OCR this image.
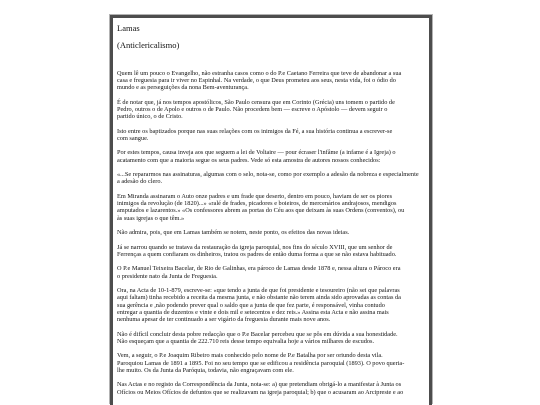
Lamas
(Anticlericalismo)

Quem lê um pouco o Evangelho, não estranha casos como o do P.e Caetano Ferreira que teve de abandonar a sua
casa e freguesia para ir viver no Espinhal. Na verdade, o que Deus prometeu aos seus, nesta vida, foi o ódio do
mundo e as perseguições da nona Bem-aventurança.

É de notar que, já nos tempos apostólicos, São Paulo censura que em Corinto (Grécia) uns tomem o partido de
Pedro, outros o de Apolo e outros o de Paulo. Não procedem bem — escreve o Apóstolo — devem seguir o
partido único, o de Cristo.

Isto entre os baptizados porque nas suas relações com os inimigos da Fé, a sua história continua a escrever-se
com sangue.

Por estes tempos, causa inveja aos que seguem a lei de Voltaire — pour écraser l'infâme (a infame é a Igreja) o
acatamento com que a maioria segue os seus padres. Vede só esta amostra de autores nossos conhecidos:

«...Se repararmos nas assinaturas, algumas com o selo, nota-se, como por exemplo a adesão da nobreza e especialmente
a adesão do clero.

Em Miranda assinaram o Auto onze padres e um frade que deserto, dentro em pouco, haviam de ser os piores
inimigos da revolução (de 1820)...» «ralé de frades, picadores e boieiros, de mercenários andrajosos, mendigos
amputados e lazarentos.» «Os confessores abrem as portas do Céu aos que deixam às suas Ordens (conventos), ou
às suas igrejas o que têm.»

Não admira, pois, que em Lamas também se notem, neste ponto, os efeitos das novas ideias.

Já se narrou quando se tratava da restauração da igreja paroquial, nos fins do século XVIII, que um senhor de
Ferrenças a quem confiaram os dinheiros, tratou os padres de então duma forma a que se não estava habituado.

O P.e Manuel Teixeira Bacelar, de Rio de Galinhas, era pároco de Lamas desde 1878 e, nessa altura o Pároco era
o presidente nato da Junta de Freguesia.

Ora, na Acta de 10-1-879, escreve-se: «que tendo a junta de que foi presidente e tesoureiro (não sei que palavras
aqui faltam) tinha recebido a receita da mesma junta, e não obstante não terem ainda sido aprovadas as contas da
sua gerência e ,não podendo prever qual o saldo que a junta de que fez parte, é responsável, vinha contudo
entregar a quantia de duzentos e vinte e dois mil e setecentos e dez reis.» Assina esta Acta e não assina mais
nenhuma apesar de ter continuado a ser vigário da freguesia durante mais nove anos.

Não é difícil concluir desta pobre redacção que o P.e Bacelar percebeu que se pôs em dúvida a sua honestidade.
Não esqueçam que a quantia de 222.710 reis desse tempo equivalia hoje a vários milhares de escudos.

Vem, a seguir, o P.e Joaquim Ribeiro mais conhecido pelo nome de P.e Batalha por ser oriundo desta vila.
Paroquiou Lamas de 1891 a 1895. Foi no seu tempo que se edificou a residência paroquial (1893). O povo queria-
lhe muito. Os da Junta da Paróquia, todavia, não engraçavam com ele.

Nas Actas e no registo da Correspondência da Junta, nota-se: a) que pretendiam obrigá-lo a manifestar à Junta os
Ofícios ou Meios Ofícios de defuntos que se realizavam na igreja paroquial; b) que o acusaram ao Arcipreste e ao
